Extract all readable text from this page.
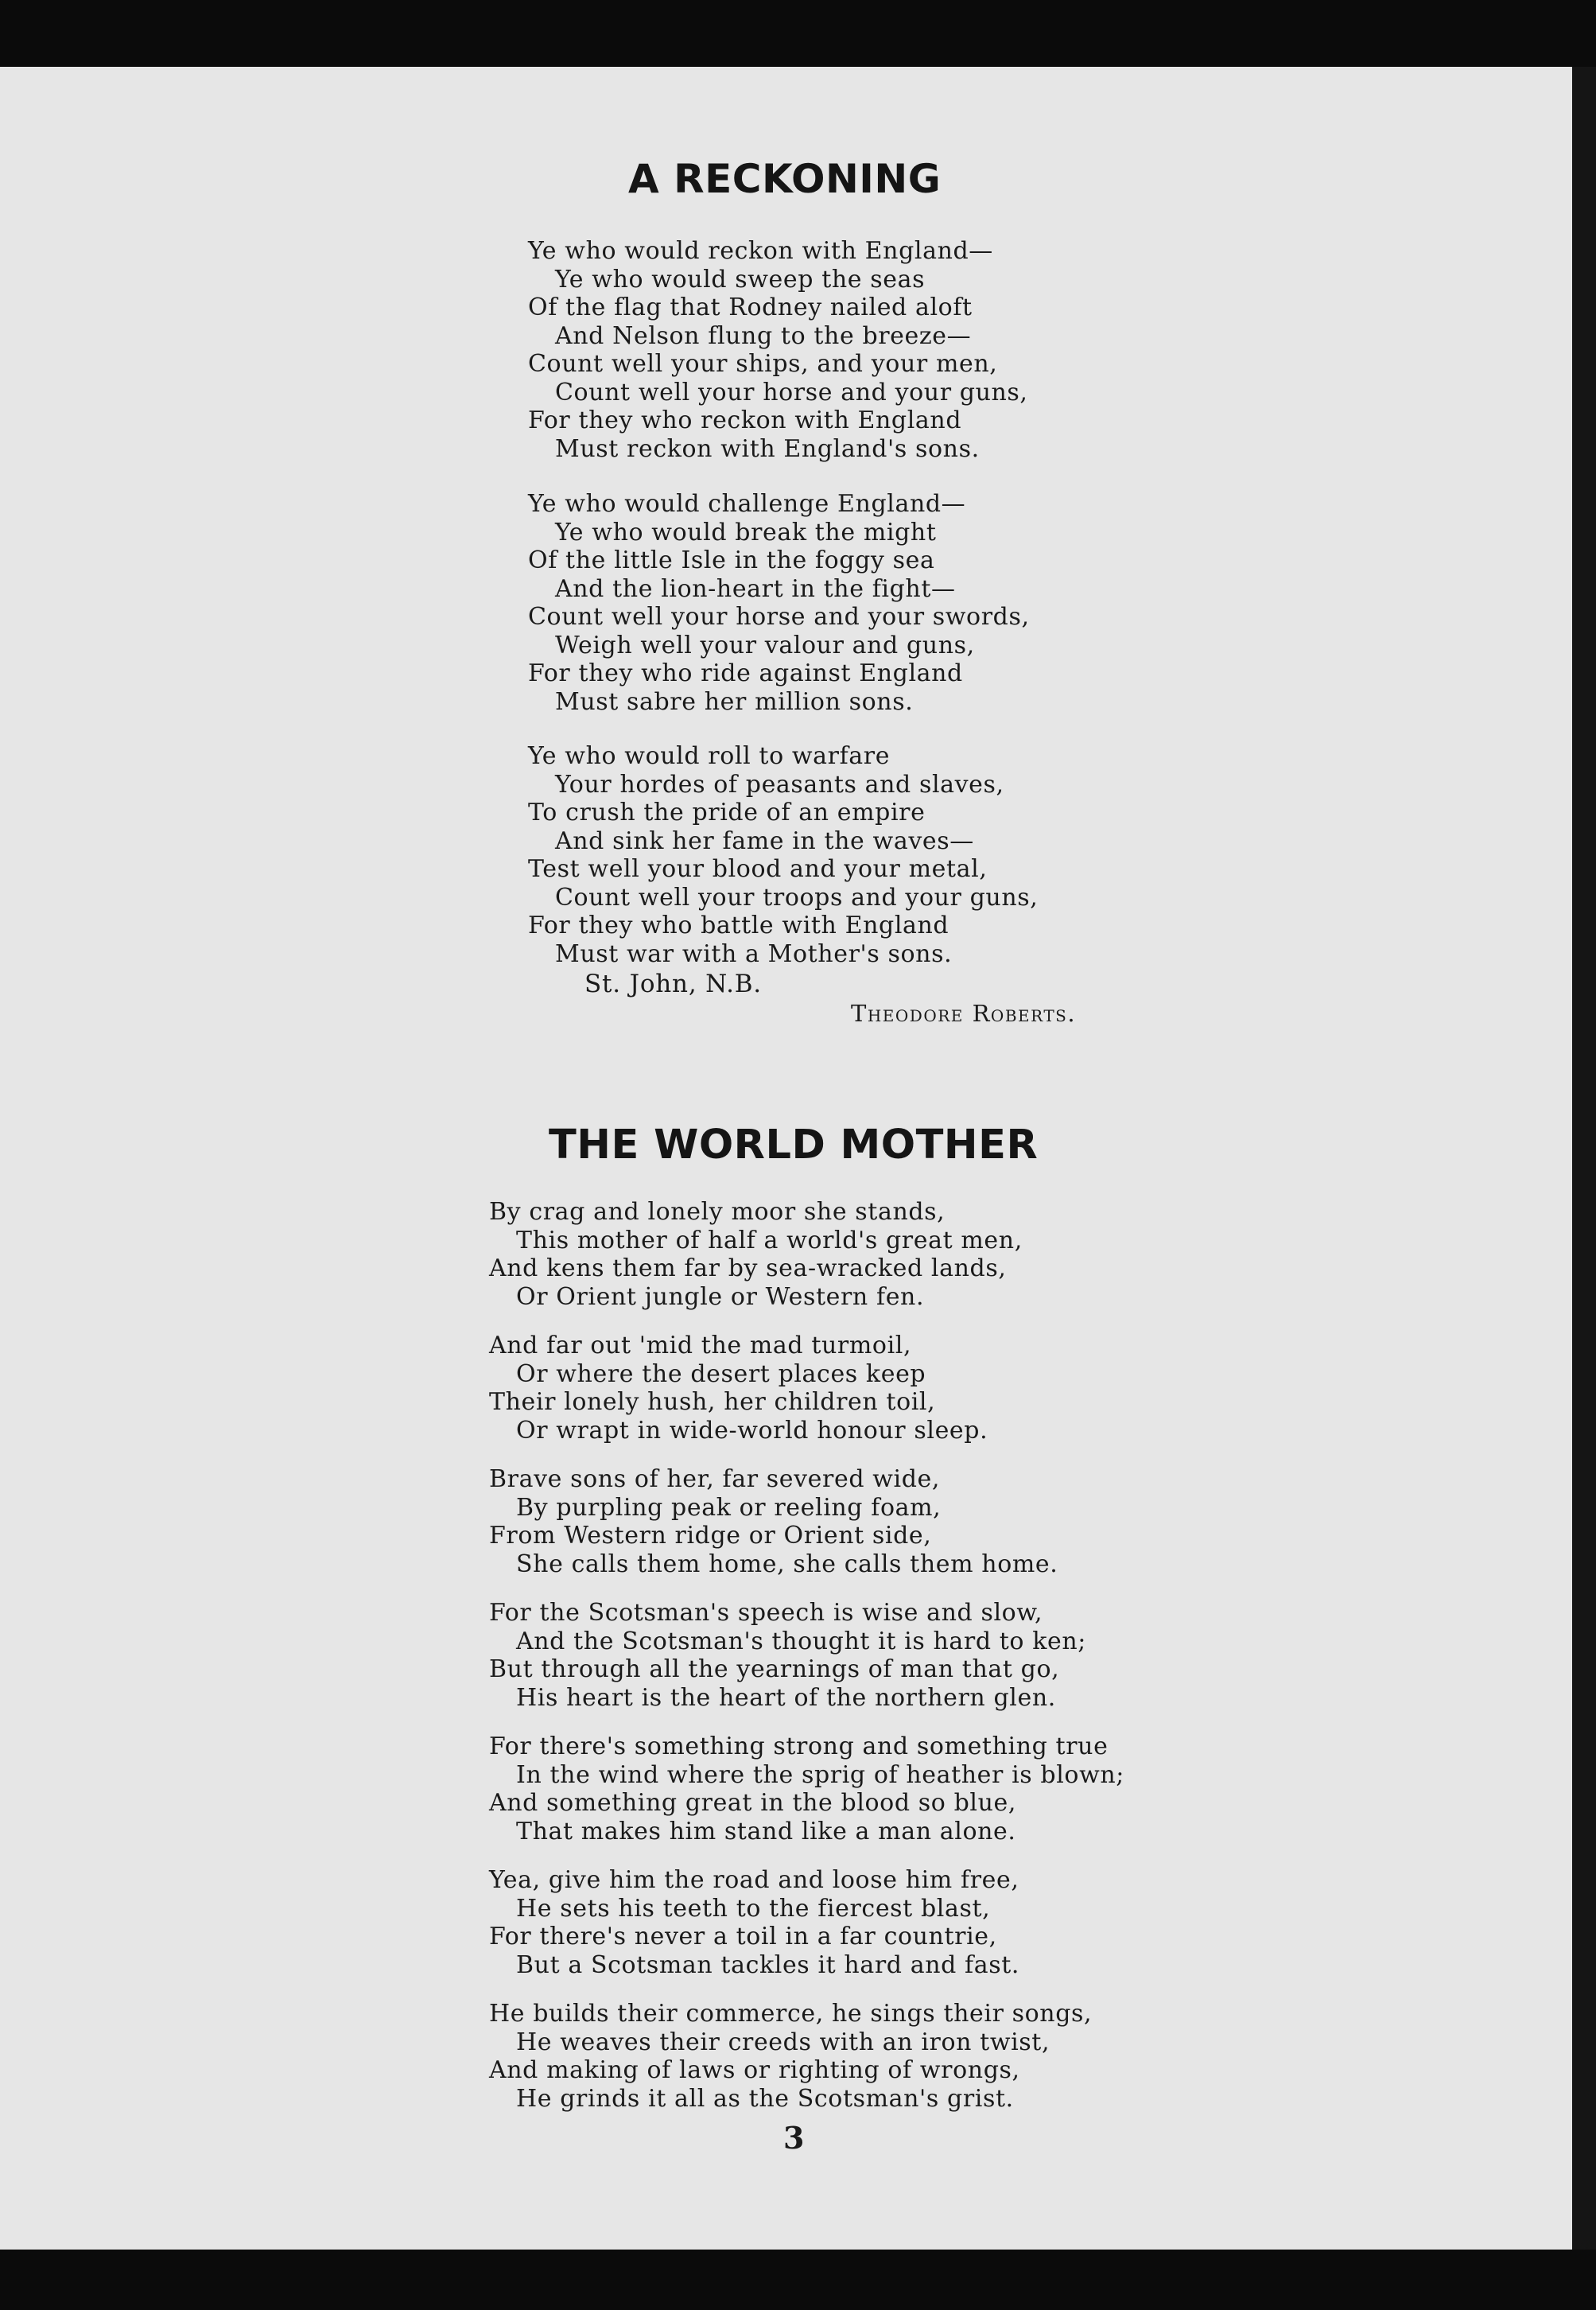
A RECKONING
Ye who would reckon with England—
Ye who would sweep the seas
Of the flag that Rodney nailed aloft
And Nelson flung to the breeze—
Count well your ships, and your men,
Count well your horse and your guns,
For they who reckon with England
Must reckon with England's sons.
Ye who would challenge England—
Ye who would break the might
Of the little Isle in the foggy sea
And the lion-heart in the fight—
Count well your horse and your swords,
Weigh well your valour and guns,
For they who ride against England
Must sabre her million sons.
Ye who would roll to warfare
Your hordes of peasants and slaves,
To crush the pride of an empire
And sink her fame in the waves—
Test well your blood and your metal,
Count well your troops and your guns,
For they who battle with England
Must war with a Mother's sons.
St. John, N.B.
Theodore Roberts.
THE WORLD MOTHER
By crag and lonely moor she stands,
This mother of half a world's great men,
And kens them far by sea-wracked lands,
Or Orient jungle or Western fen.
And far out 'mid the mad turmoil,
Or where the desert places keep
Their lonely hush, her children toil,
Or wrapt in wide-world honour sleep.
Brave sons of her, far severed wide,
By purpling peak or reeling foam,
From Western ridge or Orient side,
She calls them home, she calls them home.
For the Scotsman's speech is wise and slow,
And the Scotsman's thought it is hard to ken;
But through all the yearnings of man that go,
His heart is the heart of the northern glen.
For there's something strong and something true
In the wind where the sprig of heather is blown;
And something great in the blood so blue,
That makes him stand like a man alone.
Yea, give him the road and loose him free,
He sets his teeth to the fiercest blast,
For there's never a toil in a far countrie,
But a Scotsman tackles it hard and fast.
He builds their commerce, he sings their songs,
He weaves their creeds with an iron twist,
And making of laws or righting of wrongs,
He grinds it all as the Scotsman's grist.
3
